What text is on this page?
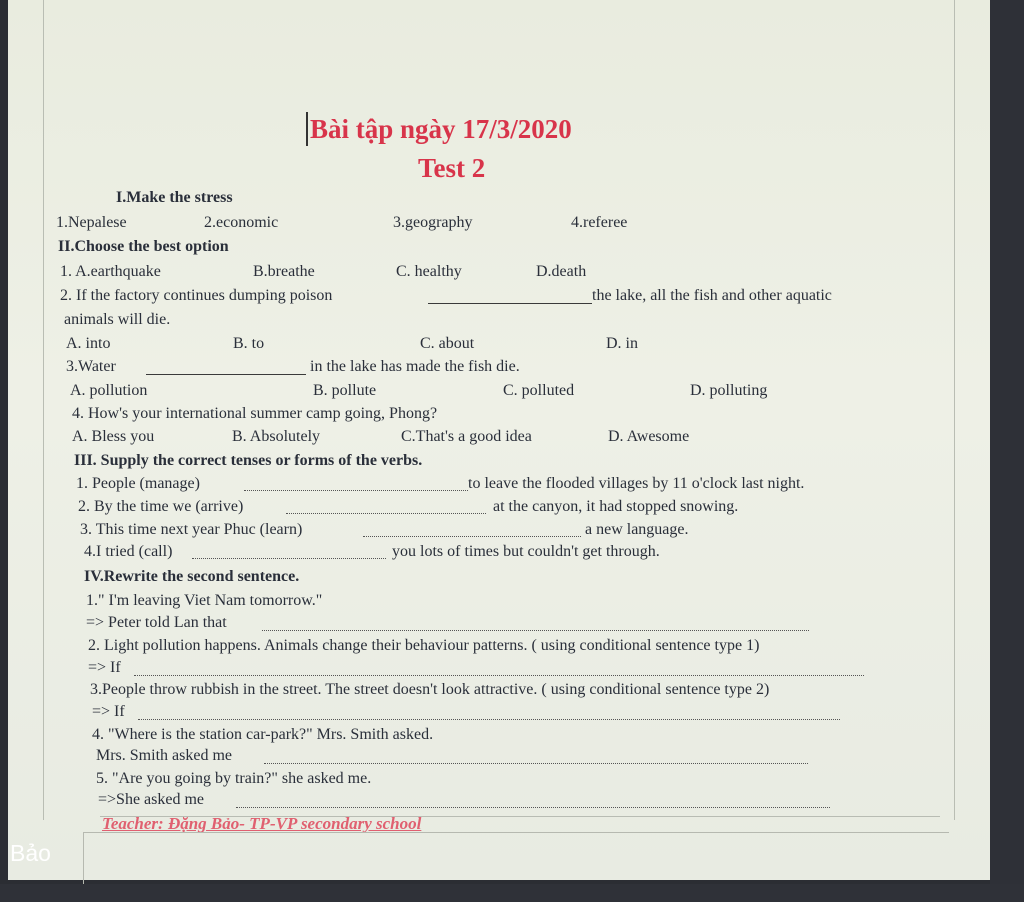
Bài tập ngày 17/3/2020
Test 2
I.Make the stress
1.Nepalese	2.economic	3.geography	4.referee
II.Choose the best option
1. A.earthquake	B.breathe	C. healthy	D.death
2. If the factory continues dumping poison	the lake, all the fish and other aquatic
animals will die.
A. into	B. to	C. about	D. in
3.Water	in the lake has made the fish die.
A. pollution	B. pollute	C. polluted	D. polluting
4. How's your international summer camp going, Phong?
A. Bless you	B. Absolutely	C.That's a good idea	D. Awesome
III. Supply the correct tenses or forms of the verbs.
1. People (manage)	to leave the flooded villages by 11 o'clock last night.
2. By the time we (arrive)	at the canyon, it had stopped snowing.
3. This time next year Phuc (learn)	a new language.
4.I tried (call)	you lots of times but couldn't get through.
IV.Rewrite the second sentence.
1." I'm leaving Viet Nam tomorrow."
=> Peter told Lan that
2. Light pollution happens. Animals change their behaviour patterns. ( using conditional sentence type 1)
=> If
3.People throw rubbish in the street. The street doesn't look attractive. ( using conditional sentence type 2)
=> If
4. "Where is the station car-park?" Mrs. Smith asked.
Mrs. Smith asked me
5. "Are you going by train?" she asked me.
=>She asked me
Teacher: Đặng Bảo- TP-VP secondary school
Bảo
